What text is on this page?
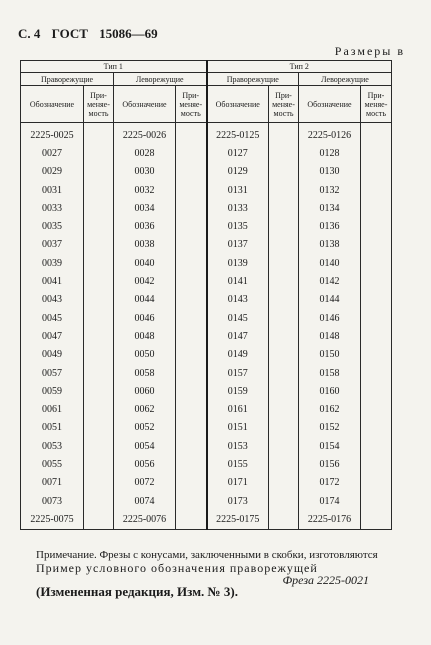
С. 4 ГОСТ 15086—69
Размеры в
Тип 1				Тип 2			
Праворежущие		Леворежущие		Праворежущие		Леворежущие	
Обозначение	При-меняе-мость	Обозначение	При-меняе-мость	Обозначение	При-меняе-мость	Обозначение	При-меняе-мость
2225-0025		2225-0026		2225-0125		2225-0126	
0027		0028		0127		0128	
0029		0030		0129		0130	
0031		0032		0131		0132	
0033		0034		0133		0134	
0035		0036		0135		0136	
0037		0038		0137		0138	
0039		0040		0139		0140	
0041		0042		0141		0142	
0043		0044		0143		0144	
0045		0046		0145		0146	
0047		0048		0147		0148	
0049		0050		0149		0150	
0057		0058		0157		0158	
0059		0060		0159		0160	
0061		0062		0161		0162	
0051		0052		0151		0152	
0053		0054		0153		0154	
0055		0056		0155		0156	
0071		0072		0171		0172	
0073		0074		0173		0174	
2225-0075		2225-0076		2225-0175		2225-0176	
Примечание. Фрезы с конусами, заключенными в скобки, изготовляются
Пример условного обозначения праворежущей
Фреза 2225-0021
(Измененная редакция, Изм. № 3).
